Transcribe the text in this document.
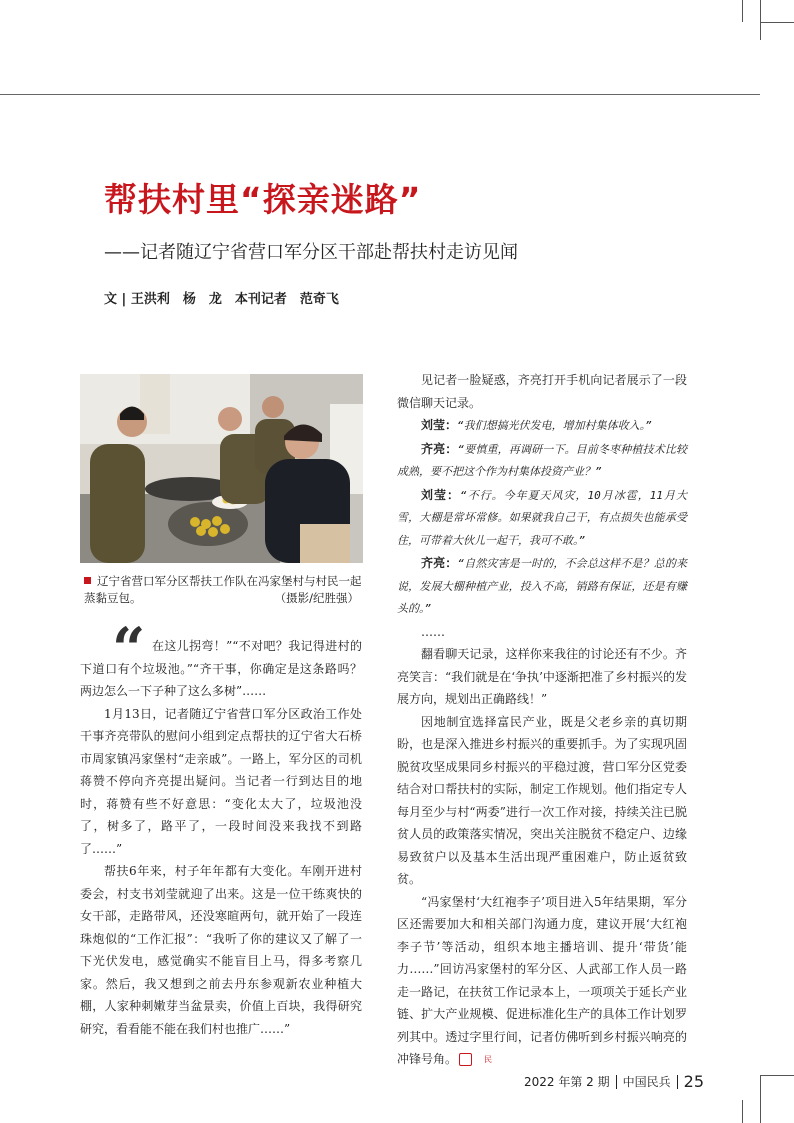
帮扶村里“探亲迷路”
——记者随辽宁省营口军分区干部赴帮扶村走访见闻
文 | 王洪利　杨　龙　本刊记者　范奇飞
辽宁省营口军分区帮扶工作队在冯家堡村与村民一起蒸黏豆包。	（摄影/纪胜强）
“ 在这儿拐弯！”“不对吧？我记得进村的下道口有个垃圾池。”“齐干事，你确定是这条路吗？两边怎么一下子种了这么多树”……

1月13日，记者随辽宁省营口军分区政治工作处干事齐亮带队的慰问小组到定点帮扶的辽宁省大石桥市周家镇冯家堡村“走亲戚”。一路上，军分区的司机蒋赞不停向齐亮提出疑问。当记者一行到达目的地时，蒋赞有些不好意思：“变化太大了，垃圾池没了，树多了，路平了，一段时间没来我找不到路了……”

帮扶6年来，村子年年都有大变化。车刚开进村委会，村支书刘莹就迎了出来。这是一位干练爽快的女干部，走路带风，还没寒暄两句，就开始了一段连珠炮似的“工作汇报”：“我听了你的建议又了解了一下光伏发电，感觉确实不能盲目上马，得多考察几家。然后，我又想到之前去丹东参观新农业种植大棚，人家种刺嫩芽当盆景卖，价值上百块，我得研究研究，看看能不能在我们村也推广……”

见记者一脸疑惑，齐亮打开手机向记者展示了一段微信聊天记录。

刘莹：“我们想搞光伏发电，增加村集体收入。”

齐亮：“要慎重，再调研一下。目前冬枣种植技术比较成熟，要不把这个作为村集体投资产业？”

刘莹：“不行。今年夏天风灾，10月冰雹，11月大雪，大棚是常坏常修。如果就我自己干，有点损失也能承受住，可带着大伙儿一起干，我可不敢。”

齐亮：“自然灾害是一时的，不会总这样不是？总的来说，发展大棚种植产业，投入不高，销路有保证，还是有赚头的。”

……

翻看聊天记录，这样你来我往的讨论还有不少。齐亮笑言：“我们就是在‘争执’中逐渐把准了乡村振兴的发展方向，规划出正确路线！”

因地制宜选择富民产业，既是父老乡亲的真切期盼，也是深入推进乡村振兴的重要抓手。为了实现巩固脱贫攻坚成果同乡村振兴的平稳过渡，营口军分区党委结合对口帮扶村的实际，制定工作规划。他们指定专人每月至少与村“两委”进行一次工作对接，持续关注已脱贫人员的政策落实情况，突出关注脱贫不稳定户、边缘易致贫户以及基本生活出现严重困难户，防止返贫致贫。

“冯家堡村‘大红袍李子’项目进入5年结果期，军分区还需要加大和相关部门沟通力度，建议开展‘大红袍李子节’等活动，组织本地主播培训、提升‘带货’能力……”回访冯家堡村的军分区、人武部工作人员一路走一路记，在扶贫工作记录本上，一项项关于延长产业链、扩大产业规模、促进标准化生产的具体工作计划罗列其中。透过字里行间，记者仿佛听到乡村振兴响亮的冲锋号角。	民

2022 年第 2 期 中国民兵 25
